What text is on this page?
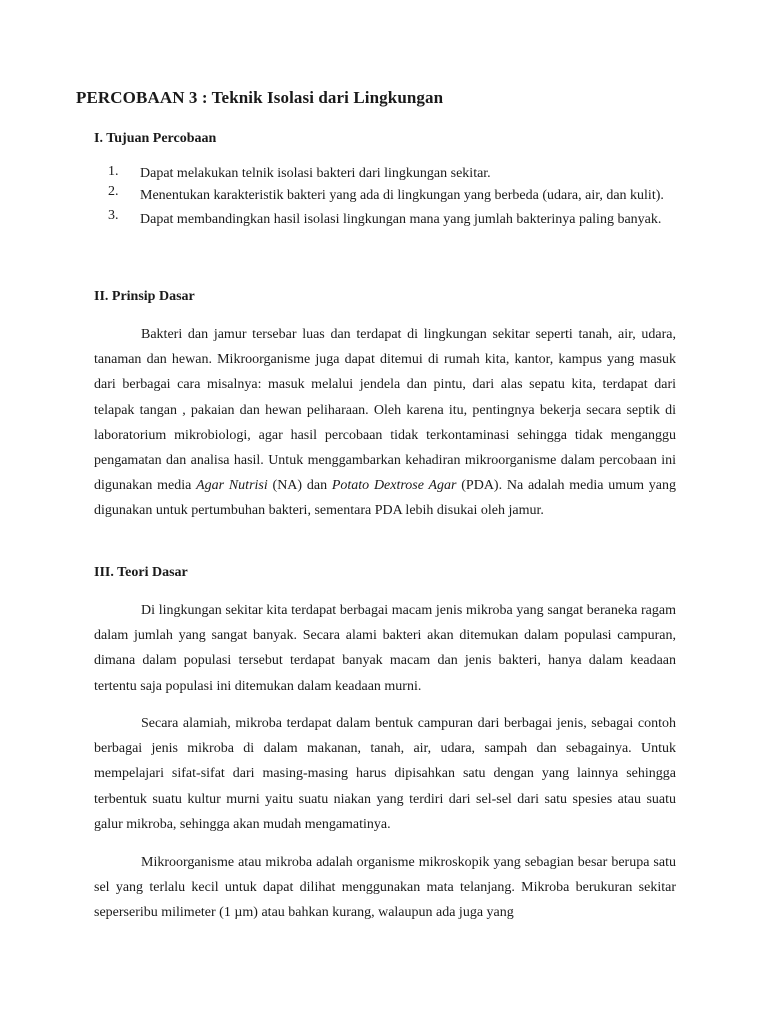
PERCOBAAN 3 : Teknik Isolasi dari Lingkungan
I. Tujuan Percobaan
1.	Dapat melakukan telnik isolasi bakteri dari lingkungan sekitar.
2.	Menentukan karakteristik bakteri yang ada di lingkungan yang berbeda (udara, air, dan kulit).
3.	Dapat membandingkan hasil isolasi lingkungan mana yang jumlah bakterinya paling banyak.
II. Prinsip Dasar

Bakteri dan jamur tersebar luas dan terdapat di lingkungan sekitar seperti tanah, air, udara, tanaman dan hewan. Mikroorganisme juga dapat ditemui di rumah kita, kantor, kampus yang masuk dari berbagai cara misalnya: masuk melalui jendela dan pintu, dari alas sepatu kita, terdapat dari telapak tangan , pakaian dan hewan peliharaan. Oleh karena itu, pentingnya bekerja secara septik di laboratorium mikrobiologi, agar hasil percobaan tidak terkontaminasi sehingga tidak menganggu pengamatan dan analisa hasil. Untuk menggambarkan kehadiran mikroorganisme dalam percobaan ini digunakan media Agar Nutrisi (NA) dan Potato Dextrose Agar (PDA). Na adalah media umum yang digunakan untuk pertumbuhan bakteri, sementara PDA lebih disukai oleh jamur.

III. Teori Dasar

Di lingkungan sekitar kita terdapat berbagai macam jenis mikroba yang sangat beraneka ragam dalam jumlah yang sangat banyak. Secara alami bakteri akan ditemukan dalam populasi campuran, dimana dalam populasi tersebut terdapat banyak macam dan jenis bakteri, hanya dalam keadaan tertentu saja populasi ini ditemukan dalam keadaan murni.

Secara alamiah, mikroba terdapat dalam bentuk campuran dari berbagai jenis, sebagai contoh berbagai jenis mikroba di dalam makanan, tanah, air, udara, sampah dan sebagainya. Untuk mempelajari sifat-sifat dari masing-masing harus dipisahkan satu dengan yang lainnya sehingga terbentuk suatu kultur murni yaitu suatu niakan yang terdiri dari sel-sel dari satu spesies atau suatu galur mikroba, sehingga akan mudah mengamatinya.

Mikroorganisme atau mikroba adalah organisme mikroskopik yang sebagian besar berupa satu sel yang terlalu kecil untuk dapat dilihat menggunakan mata telanjang. Mikroba berukuran sekitar seperseribu milimeter (1 µm) atau bahkan kurang, walaupun ada juga yang
